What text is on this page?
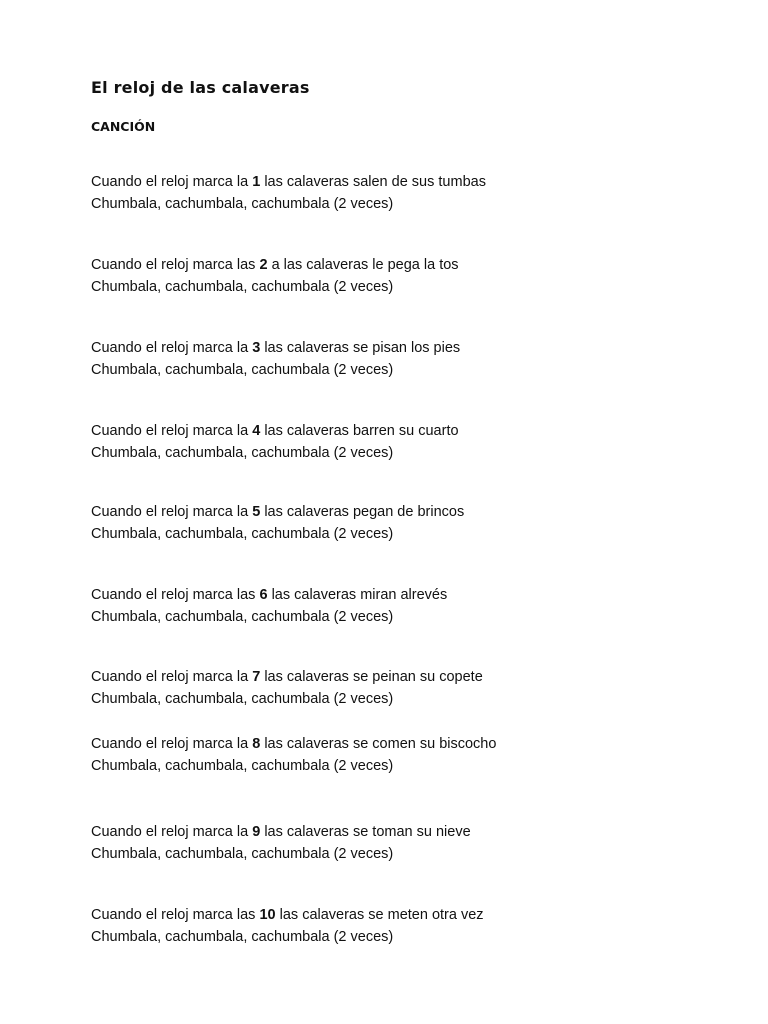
El reloj de las calaveras
CANCIÓN
Cuando el reloj marca la 1 las calaveras salen de sus tumbas
Chumbala, cachumbala, cachumbala (2 veces)
Cuando el reloj marca las 2 a las calaveras le pega la tos
Chumbala, cachumbala, cachumbala (2 veces)
Cuando el reloj marca la 3 las calaveras se pisan los pies
Chumbala, cachumbala, cachumbala (2 veces)
Cuando el reloj marca la 4 las calaveras barren su cuarto
Chumbala, cachumbala, cachumbala (2 veces)
Cuando el reloj marca la 5 las calaveras pegan de brincos
Chumbala, cachumbala, cachumbala (2 veces)
Cuando el reloj marca las 6 las calaveras miran alrevés
Chumbala, cachumbala, cachumbala (2 veces)
Cuando el reloj marca la 7 las calaveras se peinan su copete
Chumbala, cachumbala, cachumbala (2 veces)
Cuando el reloj marca la 8 las calaveras se comen su biscocho
Chumbala, cachumbala, cachumbala (2 veces)
Cuando el reloj marca la 9 las calaveras se toman su nieve
Chumbala, cachumbala, cachumbala (2 veces)
Cuando el reloj marca las 10 las calaveras se meten otra vez
Chumbala, cachumbala, cachumbala (2 veces)
